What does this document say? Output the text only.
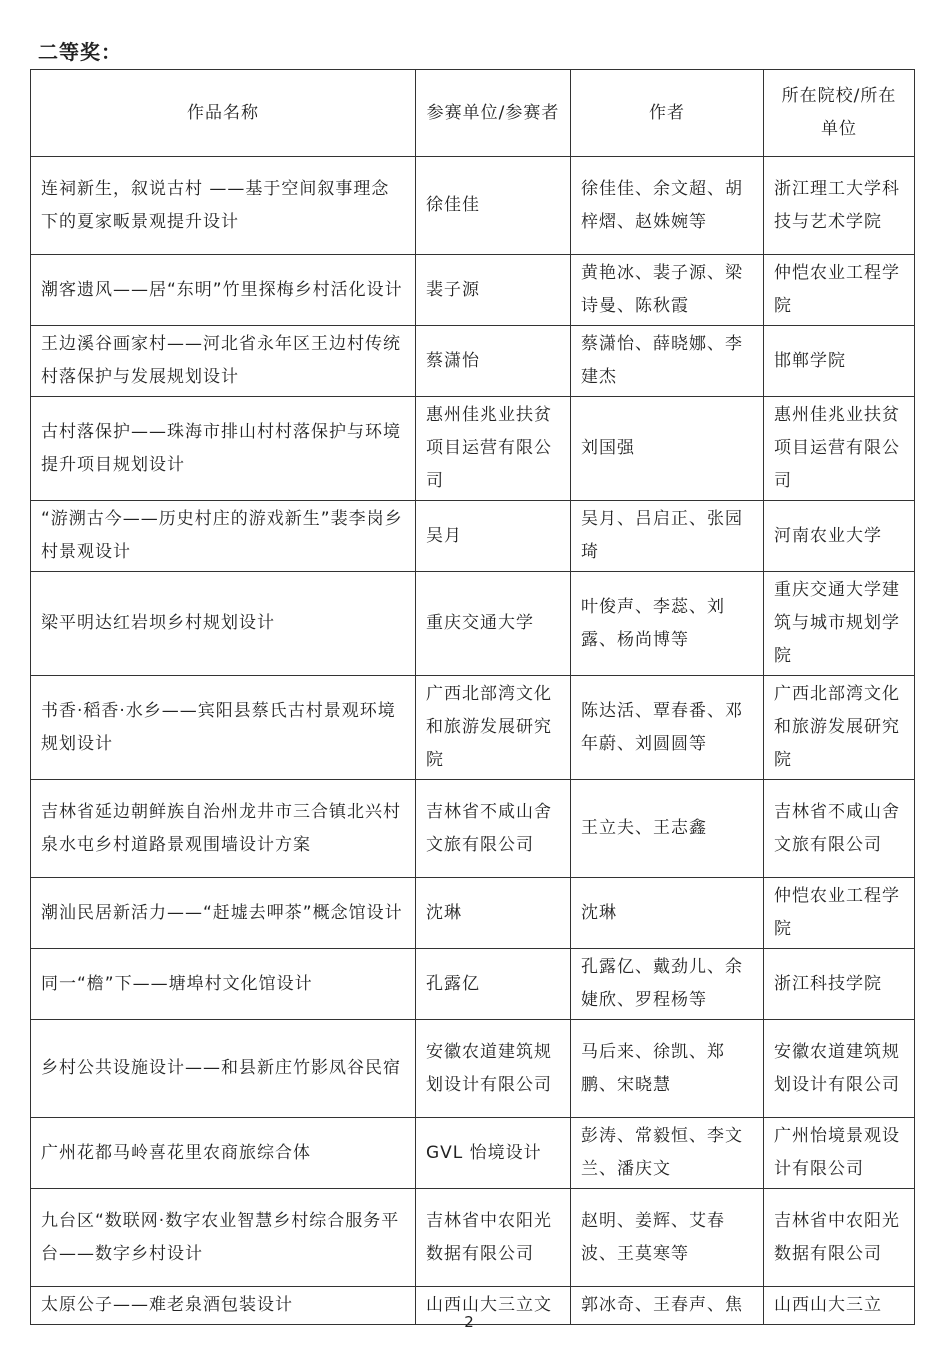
二等奖：
作品名称	参赛单位/参赛者	作者	所在院校/所在单位
连祠新生，叙说古村 ——基于空间叙事理念下的夏家畈景观提升设计	徐佳佳	徐佳佳、余文超、胡梓熠、赵姝婉等	浙江理工大学科技与艺术学院
潮客遗风——居“东明”竹里探梅乡村活化设计	裴子源	黄艳冰、裴子源、梁诗曼、陈秋霞	仲恺农业工程学院
王边溪谷画家村——河北省永年区王边村传统村落保护与发展规划设计	蔡潇怡	蔡潇怡、薛晓娜、李建杰	邯郸学院
古村落保护——珠海市排山村村落保护与环境提升项目规划设计	惠州佳兆业扶贫项目运营有限公司	刘国强	惠州佳兆业扶贫项目运营有限公司
“游溯古今——历史村庄的游戏新生”裴李岗乡村景观设计	吴月	吴月、吕启正、张园琦	河南农业大学
梁平明达红岩坝乡村规划设计	重庆交通大学	叶俊声、李蕊、刘露、杨尚博等	重庆交通大学建筑与城市规划学院
书香·稻香·水乡——宾阳县蔡氏古村景观环境规划设计	广西北部湾文化和旅游发展研究院	陈达活、覃春番、邓年蔚、刘圆圆等	广西北部湾文化和旅游发展研究院
吉林省延边朝鲜族自治州龙井市三合镇北兴村泉水屯乡村道路景观围墙设计方案	吉林省不咸山舍文旅有限公司	王立夫、王志鑫	吉林省不咸山舍文旅有限公司
潮汕民居新活力——“赶墟去呷茶”概念馆设计	沈琳	沈琳	仲恺农业工程学院
同一“檐”下——塘埠村文化馆设计	孔露亿	孔露亿、戴劲儿、余婕欣、罗程杨等	浙江科技学院
乡村公共设施设计——和县新庄竹影凤谷民宿	安徽农道建筑规划设计有限公司	马后来、徐凯、郑鹏、宋晓慧	安徽农道建筑规划设计有限公司
广州花都马岭喜花里农商旅综合体	GVL 怡境设计	彭涛、常毅恒、李文兰、潘庆文	广州怡境景观设计有限公司
九台区“数联网·数字农业智慧乡村综合服务平台——数字乡村设计	吉林省中农阳光数据有限公司	赵明、姜辉、艾春波、王莫寒等	吉林省中农阳光数据有限公司
太原公子——难老泉酒包装设计	山西山大三立文	郭冰奇、王春声、焦	山西山大三立
2
